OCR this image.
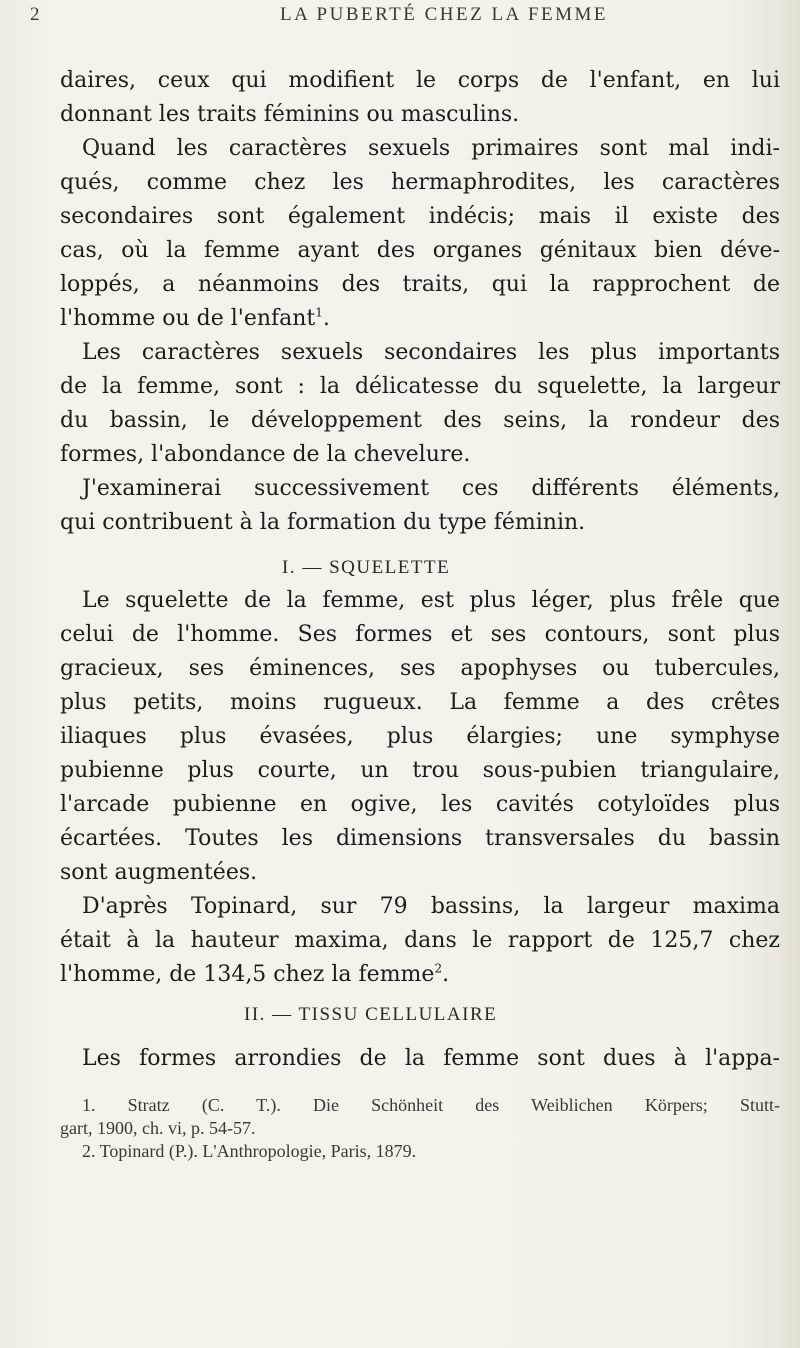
2	LA PUBERTÉ CHEZ LA FEMME
daires, ceux qui modifient le corps de l'enfant, en lui
donnant les traits féminins ou masculins.
Quand les caractères sexuels primaires sont mal indi-
qués, comme chez les hermaphrodites, les caractères
secondaires sont également indécis; mais il existe des
cas, où la femme ayant des organes génitaux bien déve-
loppés, a néanmoins des traits, qui la rapprochent de
l'homme ou de l'enfant$^1$.
Les caractères sexuels secondaires les plus importants
de la femme, sont : la délicatesse du squelette, la largeur
du bassin, le développement des seins, la rondeur des
formes, l'abondance de la chevelure.
J'examinerai successivement ces différents éléments,
qui contribuent à la formation du type féminin.
I. — SQUELETTE
Le squelette de la femme, est plus léger, plus frêle que
celui de l'homme. Ses formes et ses contours, sont plus
gracieux, ses éminences, ses apophyses ou tubercules,
plus petits, moins rugueux. La femme a des crêtes
iliaques plus évasées, plus élargies; une symphyse
pubienne plus courte, un trou sous-pubien triangulaire,
l'arcade pubienne en ogive, les cavités cotyloïdes plus
écartées. Toutes les dimensions transversales du bassin
sont augmentées.
D'après Topinard, sur 79 bassins, la largeur maxima
était à la hauteur maxima, dans le rapport de 125,7 chez
l'homme, de 134,5 chez la femme$^2$.
II. — TISSU CELLULAIRE
Les formes arrondies de la femme sont dues à l'appa-
1. Stratz (C. T.). Die Schönheit des Weiblichen Körpers; Stutt-
gart, 1900, ch. vi, p. 54-57.
2. Topinard (P.). L'Anthropologie, Paris, 1879.
